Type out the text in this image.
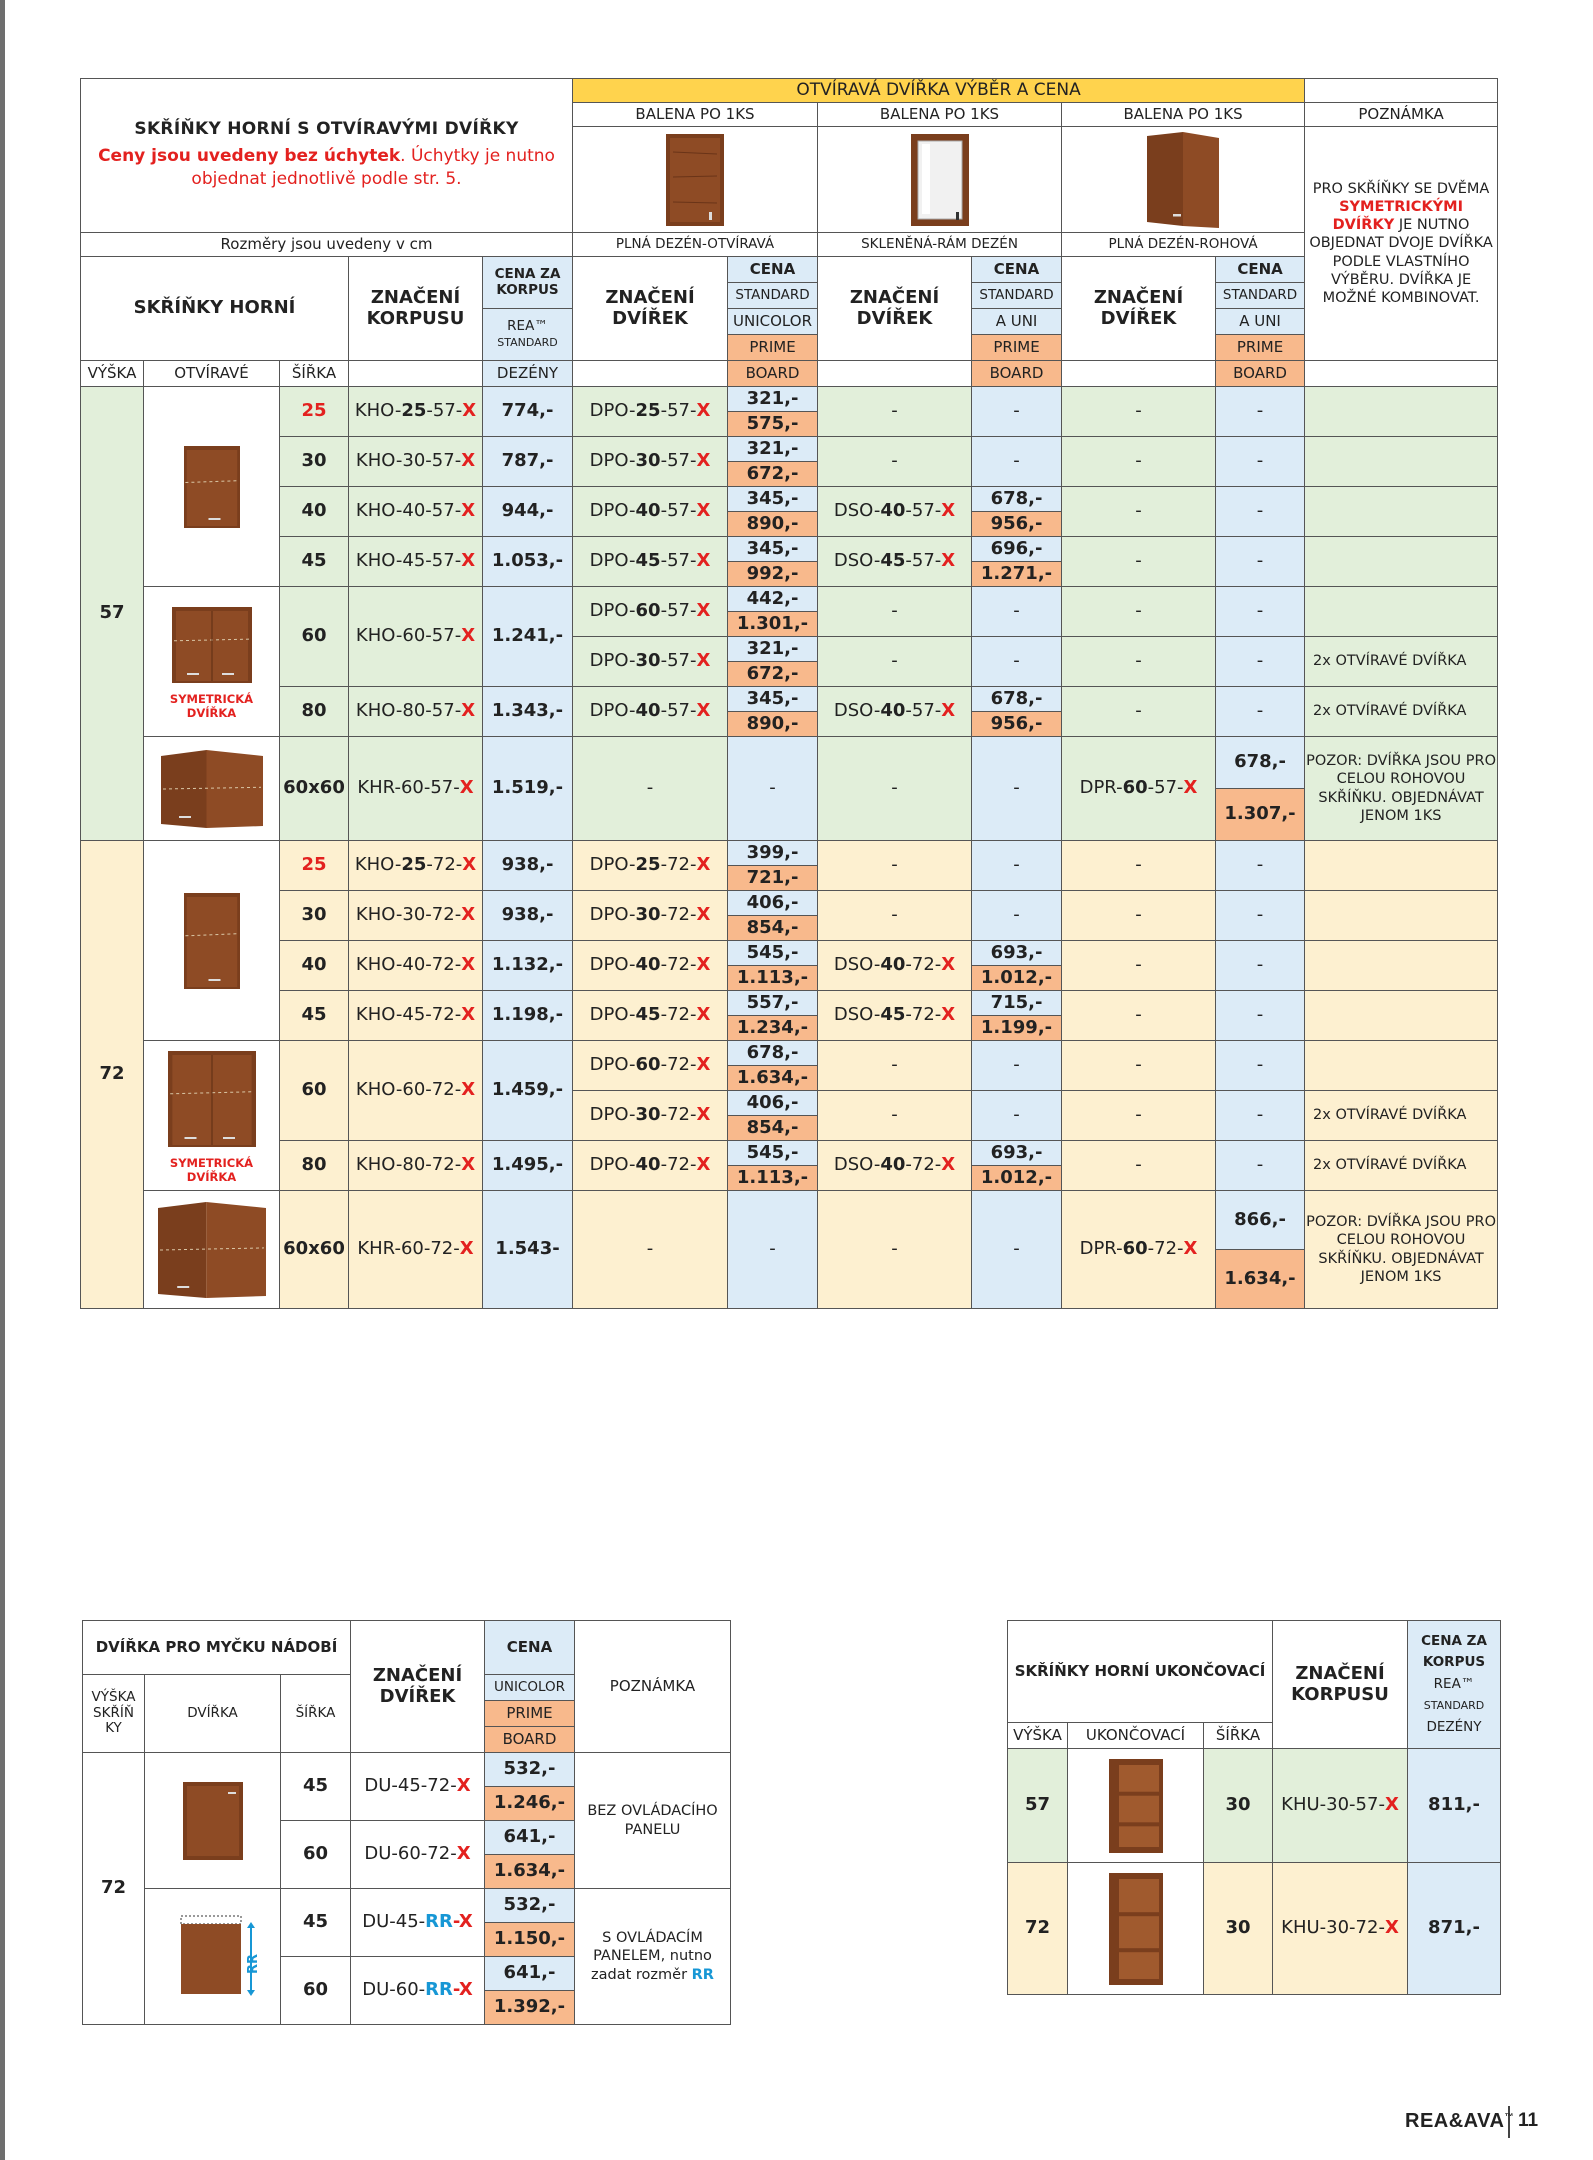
SKŘÍŇKY HORNÍ S OTVÍRAVÝMI DVÍŘKY
Ceny jsou uvedeny bez úchytek. Úchytky je nutno objednat jednotlivě podle str. 5.					OTVÍRAVÁ DVÍŘKA VÝBĚR A CENA						
					BALENA PO 1KS		BALENA PO 1KS		BALENA PO 1KS		POZNÁMKA

	PRO SKŘÍŇKY SE DVĚMA SYMETRICKÝMI DVÍŘKY JE NUTNO OBJEDNAT DVOJE DVÍŘKA PODLE VLASTNÍHO VÝBĚRU. DVÍŘKA JE MOŽNÉ KOMBINOVAT.
Rozměry jsou uvedeny v cm					PLNÁ DEZÉN-OTVÍRAVÁ		SKLENĚNÁ-RÁM DEZÉN		PLNÁ DEZÉN-ROHOVÁ		
SKŘÍŇKY HORNÍ			ZNAČENÍ KORPUSU	CENA ZA KORPUS	ZNAČENÍ DVÍŘEK	CENA	ZNAČENÍ DVÍŘEK	CENA	ZNAČENÍ DVÍŘEK	CENA	
						STANDARD		STANDARD		STANDARD	
				REA™
STANDARD		UNICOLOR		A UNI		A UNI	
						PRIME		PRIME		PRIME	
VÝŠKA	OTVÍRAVÉ	ŠÍŘKA		DEZÉNY		BOARD		BOARD		BOARD	
57		25	KHO-25-57-X	774,-	DPO-25-57-X	321,-	-	-	-	-	
						575,-					
		30	KHO-30-57-X	787,-	DPO-30-57-X	321,-	-	-	-	-	
						672,-					
		40	KHO-40-57-X	944,-	DPO-40-57-X	345,-	DSO-40-57-X	678,-	-	-	
						890,-		956,-			
		45	KHO-45-57-X	1.053,-	DPO-45-57-X	345,-	DSO-45-57-X	696,-	-	-	
						992,-		1.271,-			

	SYMETRICKÁ DVÍŘKA	60	KHO-60-57-X	1.241,-	DPO-60-57-X	442,-	-	-	-	-	
						1.301,-					
					DPO-30-57-X	321,-	-	-	-	-	2x OTVÍRAVÉ DVÍŘKA
						672,-					
		80	KHO-80-57-X	1.343,-	DPO-40-57-X	345,-	DSO-40-57-X	678,-	-	-	2x OTVÍRAVÉ DVÍŘKA
						890,-		956,-			

	60x60	KHR-60-57-X	1.519,-	-	-	-	-	DPR-60-57-X	678,-	POZOR: DVÍŘKA JSOU PRO CELOU ROHOVOU SKŘÍŇKU. OBJEDNÁVAT JENOM 1KS
										1.307,-	
72		25	KHO-25-72-X	938,-	DPO-25-72-X	399,-	-	-	-	-	
						721,-					
		30	KHO-30-72-X	938,-	DPO-30-72-X	406,-	-	-	-	-	
						854,-					
		40	KHO-40-72-X	1.132,-	DPO-40-72-X	545,-	DSO-40-72-X	693,-	-	-	
						1.113,-		1.012,-			
		45	KHO-45-72-X	1.198,-	DPO-45-72-X	557,-	DSO-45-72-X	715,-	-	-	
						1.234,-		1.199,-			

	SYMETRICKÁ DVÍŘKA	60	KHO-60-72-X	1.459,-	DPO-60-72-X	678,-	-	-	-	-	
						1.634,-					
					DPO-30-72-X	406,-	-	-	-	-	2x OTVÍRAVÉ DVÍŘKA
						854,-					
		80	KHO-80-72-X	1.495,-	DPO-40-72-X	545,-	DSO-40-72-X	693,-	-	-	2x OTVÍRAVÉ DVÍŘKA
						1.113,-		1.012,-			

	60x60	KHR-60-72-X	1.543-	-	-	-	-	DPR-60-72-X	866,-	POZOR: DVÍŘKA JSOU PRO CELOU ROHOVOU SKŘÍŇKU. OBJEDNÁVAT JENOM 1KS
										1.634,-	
DVÍŘKA PRO MYČKU NÁDOBÍ			ZNAČENÍ DVÍŘEK	CENA	POZNÁMKA
VÝŠKA SKŘÍŇ KY	DVÍŘKA	ŠÍŘKA		UNICOLOR	
				PRIME	
				BOARD	
72		45	DU-45-72-X	532,-	BEZ OVLÁDACÍHO PANELU
				1.246,-	
		60	DU-60-72-X	641,-	
				1.634,-	

RR	45	DU-45-RR-X	532,-	S OVLÁDACÍM PANELEM, nutno zadat rozměr RR
				1.150,-	
		60	DU-60-RR-X	641,-	
				1.392,-	
SKŘÍŇKY HORNÍ UKONČOVACÍ			ZNAČENÍ KORPUSU	CENA ZA KORPUS
REA™
STANDARD
DEZÉNY
VÝŠKA	UKONČOVACÍ	ŠÍŘKA		
57		30	KHU-30-57-X	811,-
72		30	KHU-30-72-X	871,-
REA&AVA™ 11
